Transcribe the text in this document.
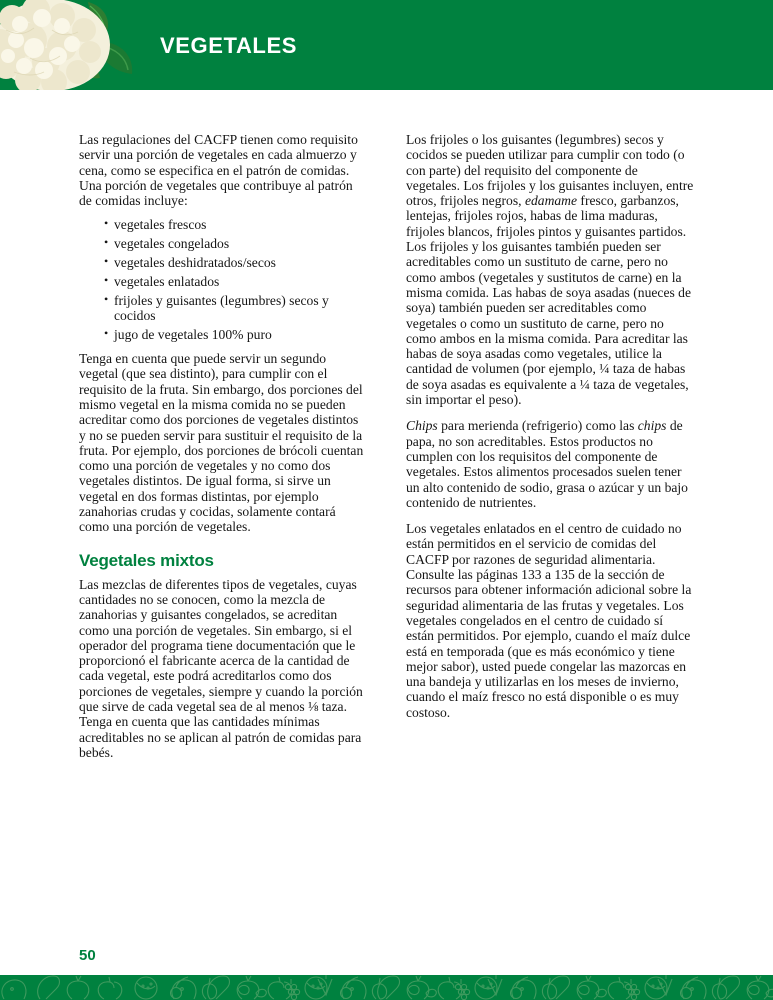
VEGETALES

Las regulaciones del CACFP tienen como requisito servir una porción de vegetales en cada almuerzo y cena, como se especifica en el patrón de comidas. Una porción de vegetales que contribuye al patrón de comidas incluye:

• vegetales frescos
• vegetales congelados
• vegetales deshidratados/secos
• vegetales enlatados
• frijoles y guisantes (legumbres) secos y cocidos
• jugo de vegetales 100% puro

Tenga en cuenta que puede servir un segundo vegetal (que sea distinto), para cumplir con el requisito de la fruta. Sin embargo, dos porciones del mismo vegetal en la misma comida no se pueden acreditar como dos porciones de vegetales distintos y no se pueden servir para sustituir el requisito de la fruta. Por ejemplo, dos porciones de brócoli cuentan como una porción de vegetales y no como dos vegetales distintos. De igual forma, si sirve un vegetal en dos formas distintas, por ejemplo zanahorias crudas y cocidas, solamente contará como una porción de vegetales.

Vegetales mixtos

Las mezclas de diferentes tipos de vegetales, cuyas cantidades no se conocen, como la mezcla de zanahorias y guisantes congelados, se acreditan como una porción de vegetales. Sin embargo, si el operador del programa tiene documentación que le proporcionó el fabricante acerca de la cantidad de cada vegetal, este podrá acreditarlos como dos porciones de vegetales, siempre y cuando la porción que sirve de cada vegetal sea de al menos ⅛ taza. Tenga en cuenta que las cantidades mínimas acreditables no se aplican al patrón de comidas para bebés.

Los frijoles o los guisantes (legumbres) secos y cocidos se pueden utilizar para cumplir con todo (o con parte) del requisito del componente de vegetales. Los frijoles y los guisantes incluyen, entre otros, frijoles negros, edamame fresco, garbanzos, lentejas, frijoles rojos, habas de lima maduras, frijoles blancos, frijoles pintos y guisantes partidos. Los frijoles y los guisantes también pueden ser acreditables como un sustituto de carne, pero no como ambos (vegetales y sustitutos de carne) en la misma comida. Las habas de soya asadas (nueces de soya) también pueden ser acreditables como vegetales o como un sustituto de carne, pero no como ambos en la misma comida. Para acreditar las habas de soya asadas como vegetales, utilice la cantidad de volumen (por ejemplo, ¼ taza de habas de soya asadas es equivalente a ¼ taza de vegetales, sin importar el peso).

Chips para merienda (refrigerio) como las chips de papa, no son acreditables. Estos productos no cumplen con los requisitos del componente de vegetales. Estos alimentos procesados suelen tener un alto contenido de sodio, grasa o azúcar y un bajo contenido de nutrientes.

Los vegetales enlatados en el centro de cuidado no están permitidos en el servicio de comidas del CACFP por razones de seguridad alimentaria. Consulte las páginas 133 a 135 de la sección de recursos para obtener información adicional sobre la seguridad alimentaria de las frutas y vegetales. Los vegetales congelados en el centro de cuidado sí están permitidos. Por ejemplo, cuando el maíz dulce está en temporada (que es más económico y tiene mejor sabor), usted puede congelar las mazorcas en una bandeja y utilizarlas en los meses de invierno, cuando el maíz fresco no está disponible o es muy costoso.

50
